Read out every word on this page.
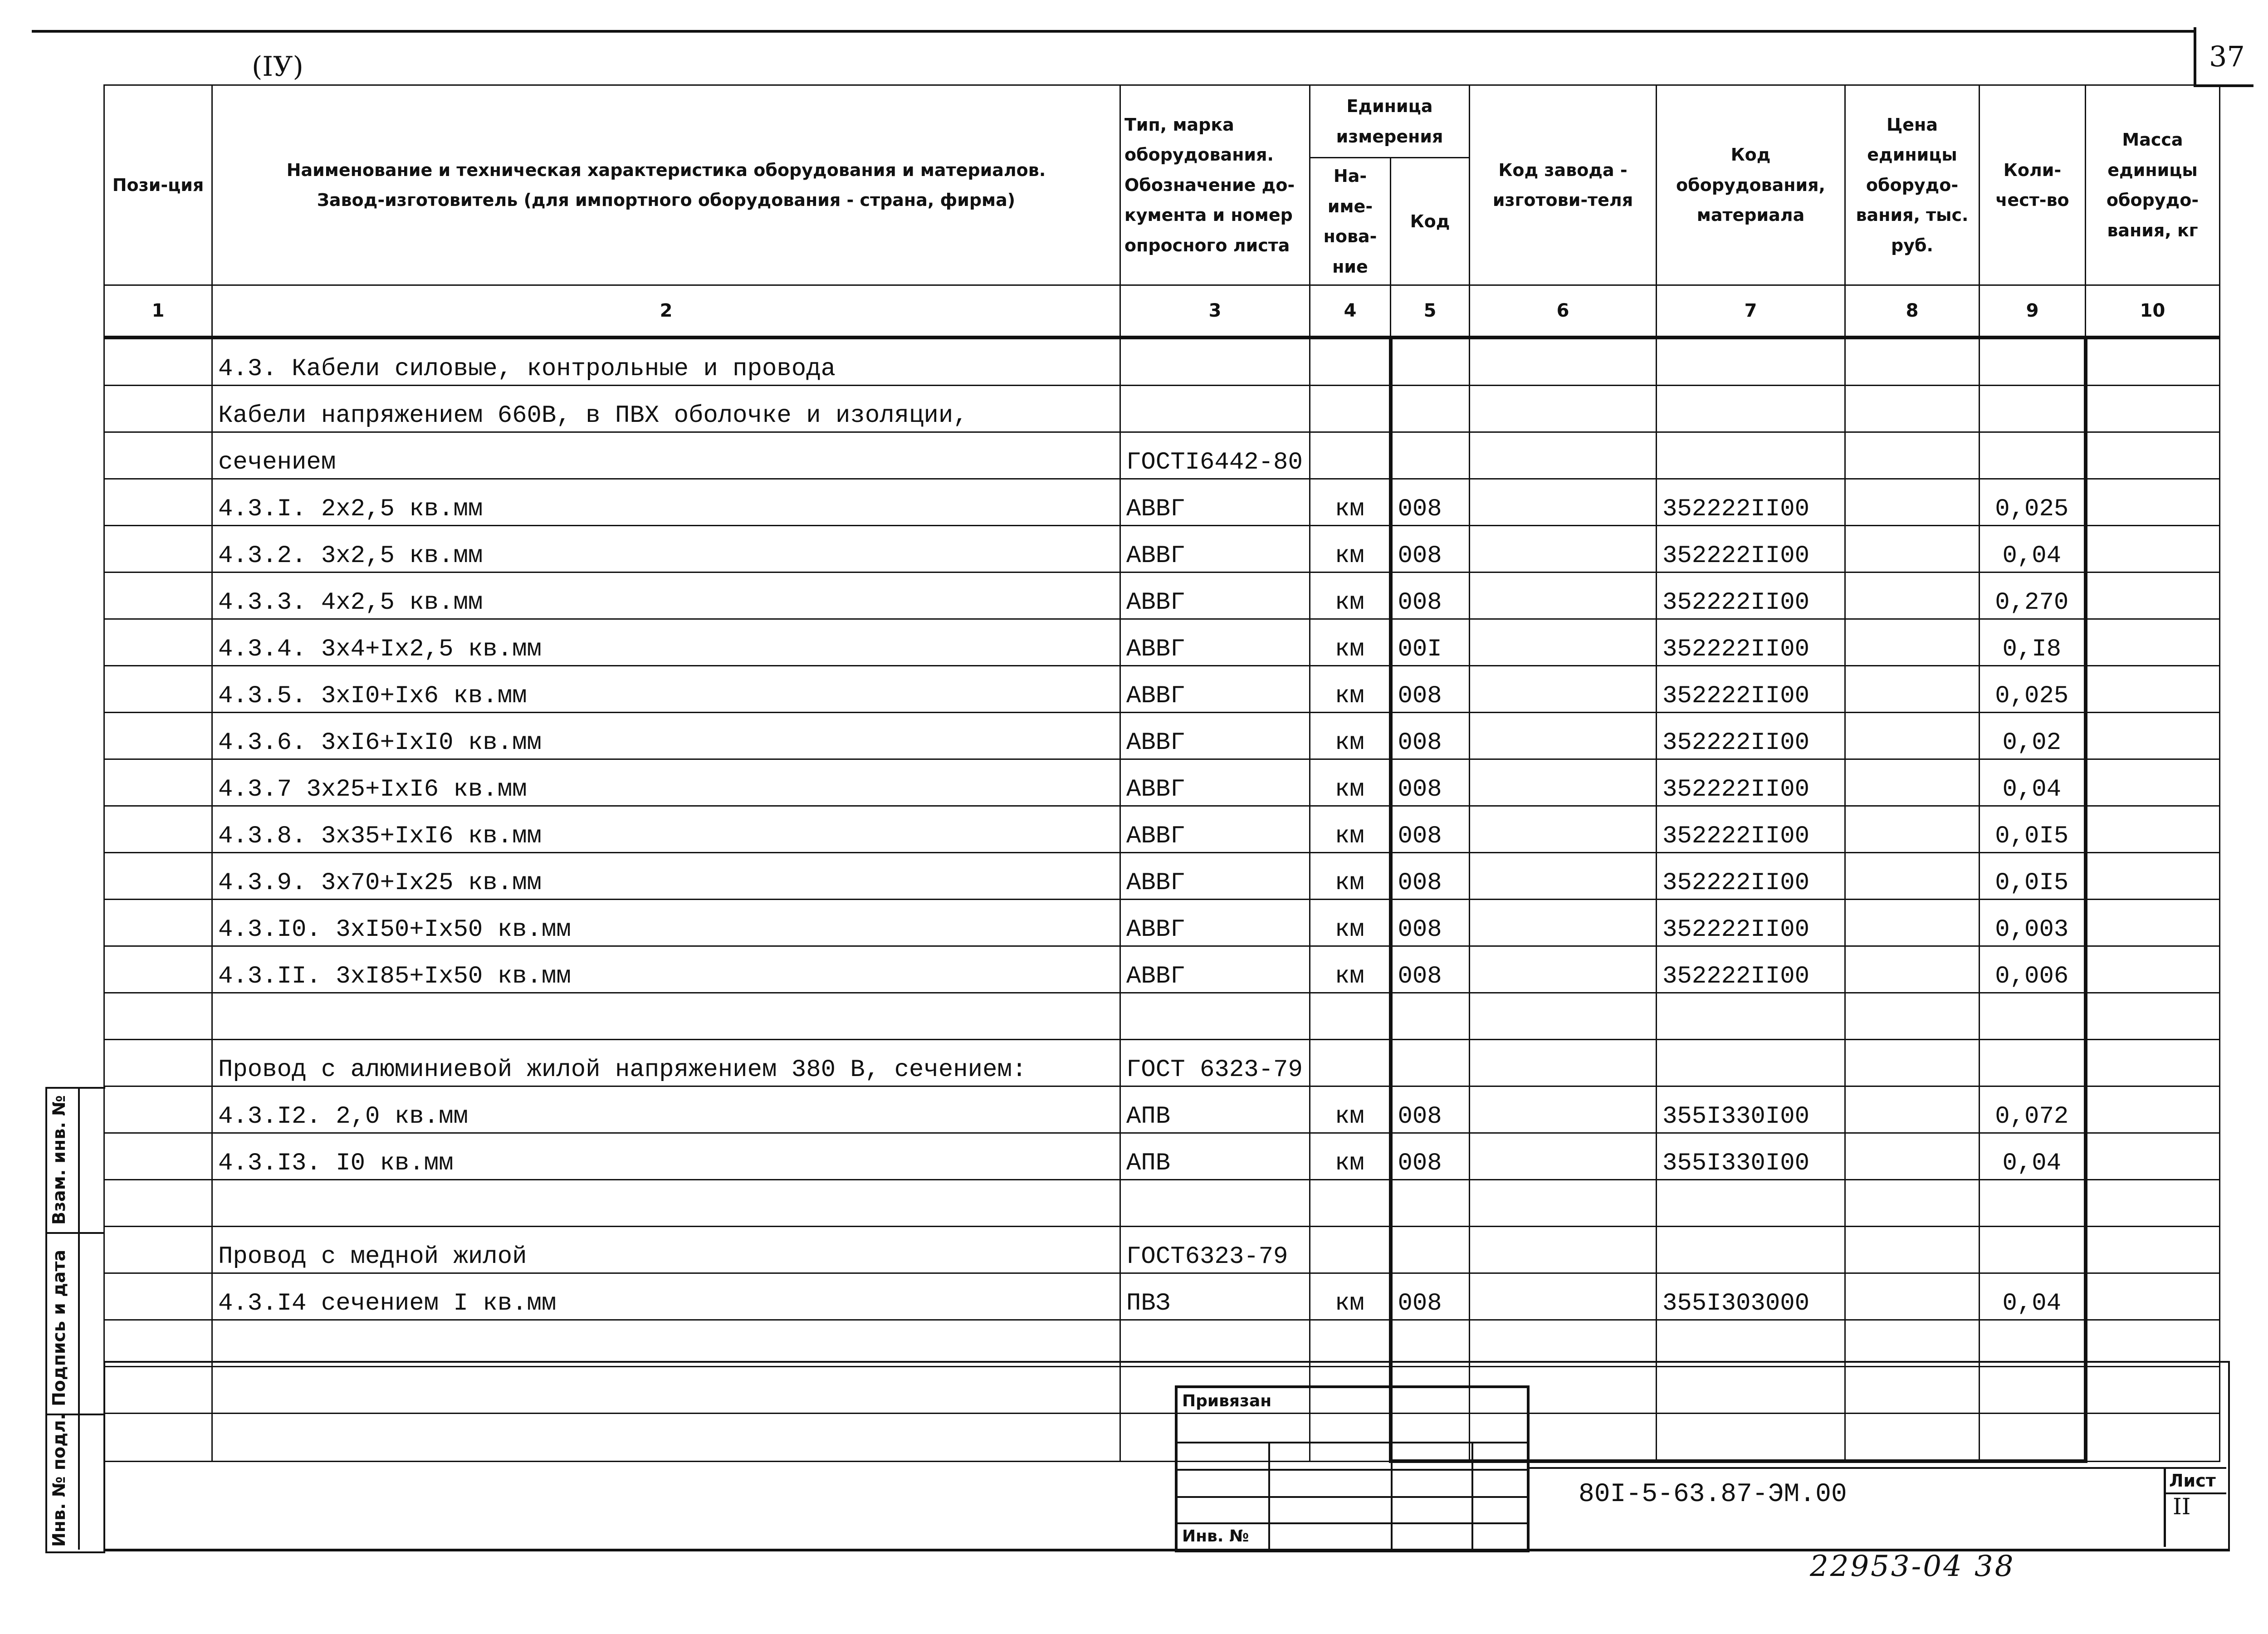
37
(IУ)
Пози-ция	Наименование и техническая характеристика оборудования и материалов.
Завод-изготовитель (для импортного оборудования - страна, фирма)	Тип, марка оборудования. Обозначение до-кумента и номер опросного листа	Единица измерения		Код завода - изготови-теля	Код оборудования, материала	Цена единицы оборудо-вания, тыс. руб.	Коли-чест-во	Масса единицы оборудо-вания, кг
			На-име-нова-ние	Код					
1	2	3	4	5	6	7	8	9	10
	4.3. Кабели силовые, контрольные и провода								
	Кабели напряжением 660В, в ПВХ оболочке и изоляции,								
	сечением	ГОСТI6442-80							
	4.3.I. 2х2,5 кв.мм	АВВГ	км	008		352222II00		0,025	
	4.3.2. 3х2,5 кв.мм	АВВГ	км	008		352222II00		0,04	
	4.3.3. 4х2,5 кв.мм	АВВГ	км	008		352222II00		0,270	
	4.3.4. 3х4+Iх2,5 кв.мм	АВВГ	км	00I		352222II00		0,I8	
	4.3.5. 3хI0+Iх6 кв.мм	АВВГ	км	008		352222II00		0,025	
	4.3.6. 3хI6+IхI0 кв.мм	АВВГ	км	008		352222II00		0,02	
	4.3.7 3х25+IхI6 кв.мм	АВВГ	км	008		352222II00		0,04	
	4.3.8. 3х35+IхI6 кв.мм	АВВГ	км	008		352222II00		0,0I5	
	4.3.9. 3х70+Iх25 кв.мм	АВВГ	км	008		352222II00		0,0I5	
	4.3.I0. 3хI50+Iх50 кв.мм	АВВГ	км	008		352222II00		0,003	
	4.3.II. 3хI85+Iх50 кв.мм	АВВГ	км	008		352222II00		0,006	

	Провод с алюминиевой жилой напряжением 380 В, сечением:	ГОСТ 6323-79							
	4.3.I2. 2,0 кв.мм	АПВ	км	008		355I330I00		0,072	
	4.3.I3. I0 кв.мм	АПВ	км	008		355I330I00		0,04	

	Провод с медной жилой	ГОСТ6323-79							
	4.3.I4 сечением I кв.мм	ПВЗ	км	008		355I303000		0,04	

Взам. инв. №
Подпись и дата
Инв. № подл.
Привязан
Инв. №
80I-5-63.87-ЭМ.00	Лист
II
22953-04 38
